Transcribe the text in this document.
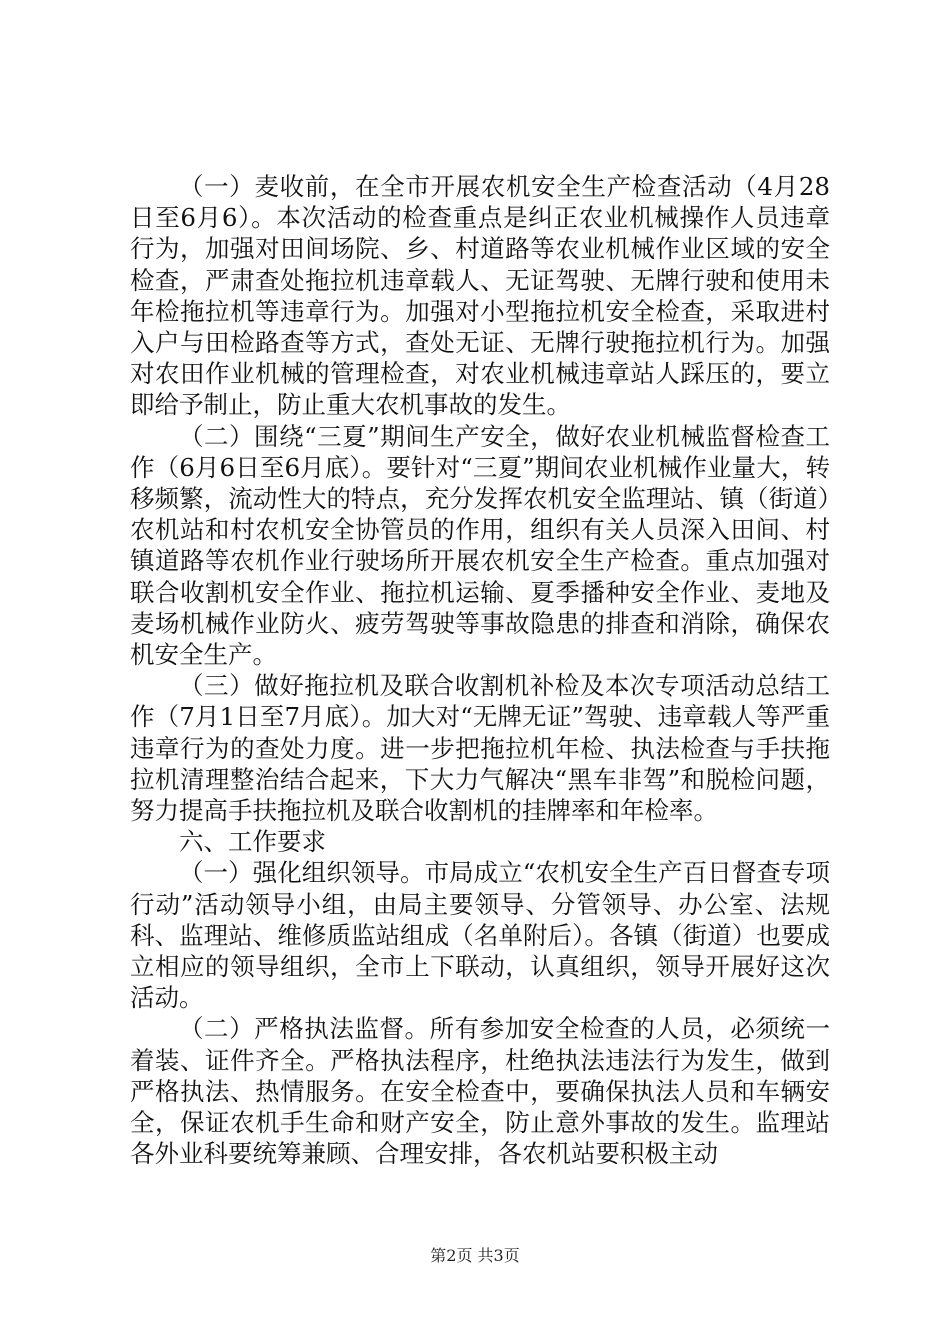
（一）麦收前，在全市开展农机安全生产检查活动（4月28日至6月6）。本次活动的检查重点是纠正农业机械操作人员违章行为，加强对田间场院、乡、村道路等农业机械作业区域的安全检查，严肃查处拖拉机违章载人、无证驾驶、无牌行驶和使用未年检拖拉机等违章行为。加强对小型拖拉机安全检查，采取进村入户与田检路查等方式，查处无证、无牌行驶拖拉机行为。加强对农田作业机械的管理检查，对农业机械违章站人踩压的，要立即给予制止，防止重大农机事故的发生。

（二）围绕“三夏”期间生产安全，做好农业机械监督检查工作（6月6日至6月底）。要针对“三夏”期间农业机械作业量大，转移频繁，流动性大的特点，充分发挥农机安全监理站、镇（街道）农机站和村农机安全协管员的作用，组织有关人员深入田间、村镇道路等农机作业行驶场所开展农机安全生产检查。重点加强对联合收割机安全作业、拖拉机运输、夏季播种安全作业、麦地及麦场机械作业防火、疲劳驾驶等事故隐患的排查和消除，确保农机安全生产。

（三）做好拖拉机及联合收割机补检及本次专项活动总结工作（7月1日至7月底）。加大对“无牌无证”驾驶、违章载人等严重违章行为的查处力度。进一步把拖拉机年检、执法检查与手扶拖拉机清理整治结合起来，下大力气解决“黑车非驾”和脱检问题，努力提高手扶拖拉机及联合收割机的挂牌率和年检率。

六、工作要求

（一）强化组织领导。市局成立“农机安全生产百日督查专项行动”活动领导小组，由局主要领导、分管领导、办公室、法规科、监理站、维修质监站组成（名单附后）。各镇（街道）也要成立相应的领导组织，全市上下联动，认真组织，领导开展好这次活动。

（二）严格执法监督。所有参加安全检查的人员，必须统一着装、证件齐全。严格执法程序，杜绝执法违法行为发生，做到严格执法、热情服务。在安全检查中，要确保执法人员和车辆安全，保证农机手生命和财产安全，防止意外事故的发生。监理站各外业科要统筹兼顾、合理安排，各农机站要积极主动

第2页 共3页
